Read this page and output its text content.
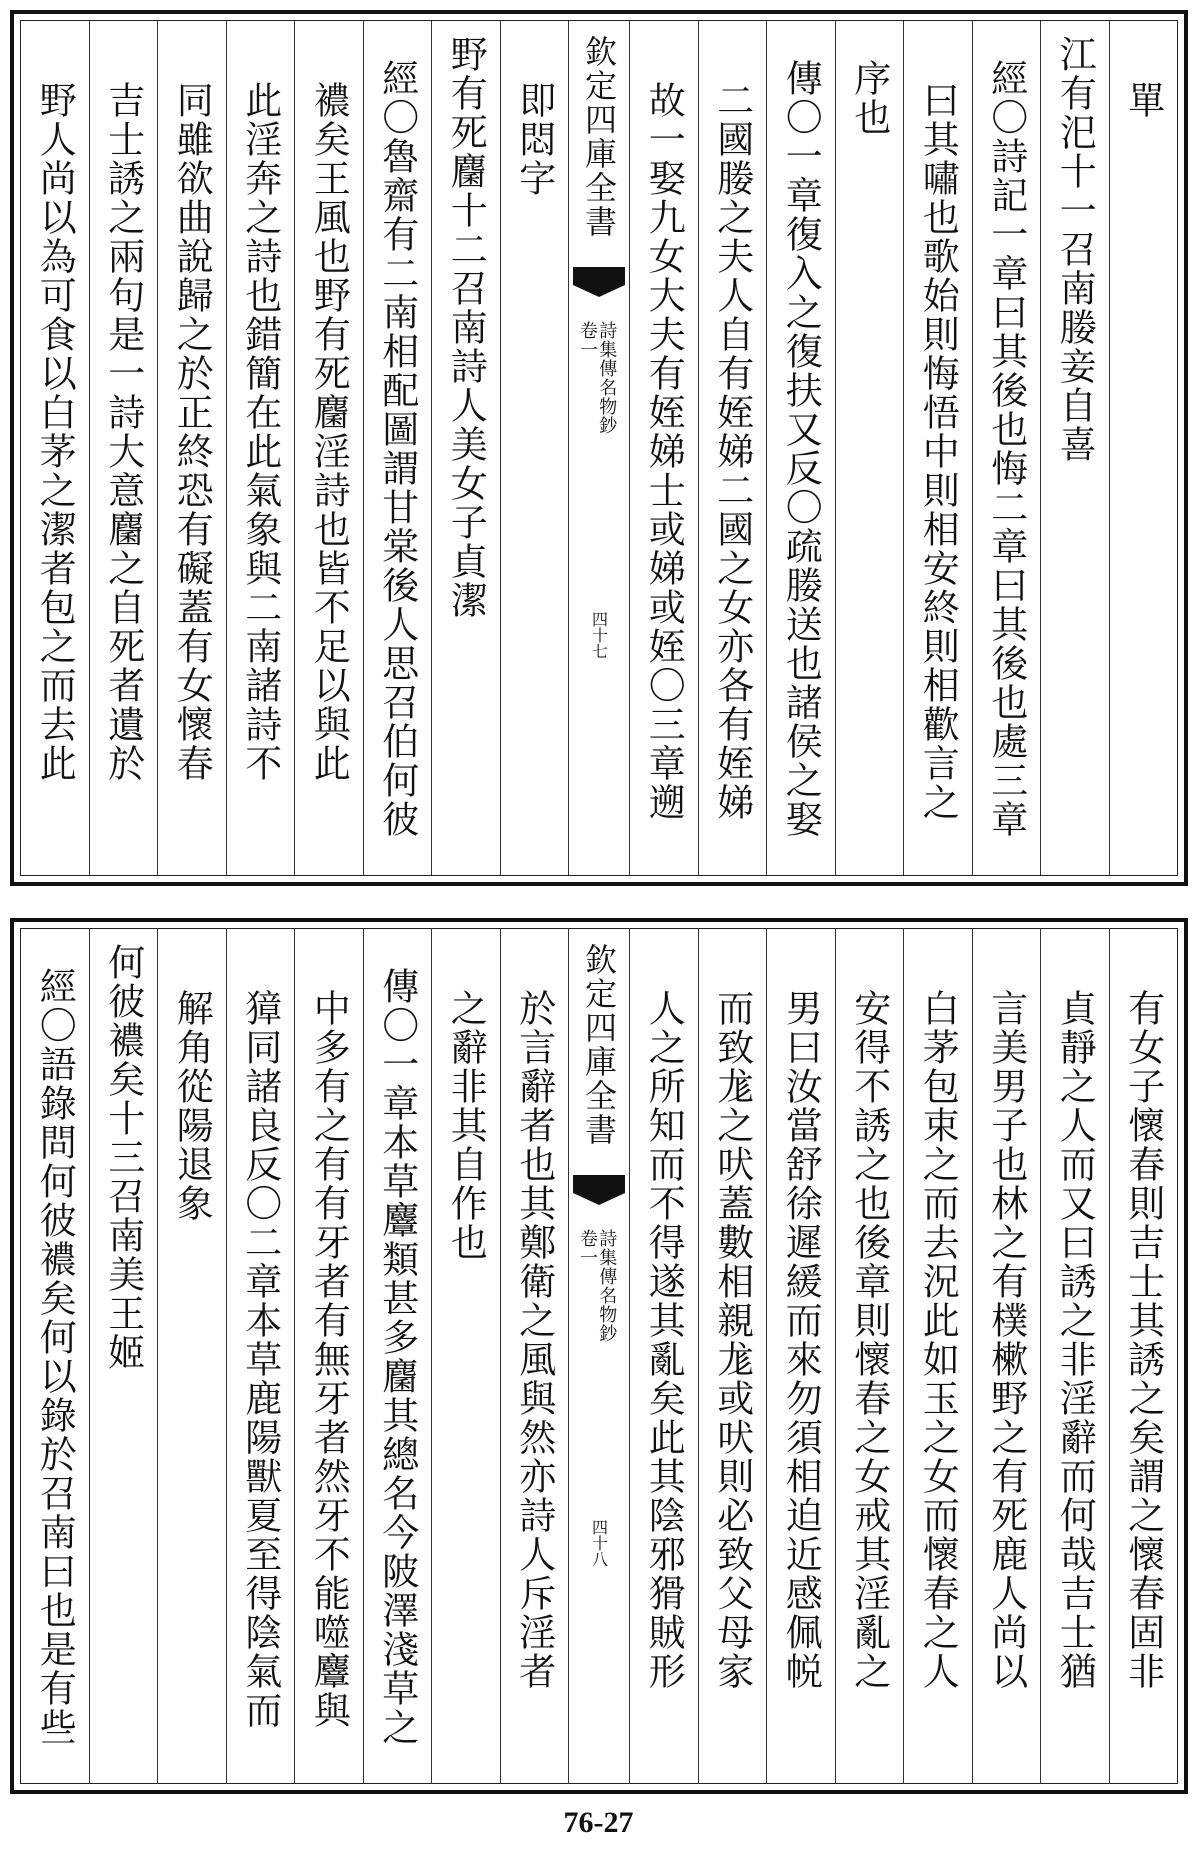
單
江有汜十一召南媵妾自喜
經〇詩記一章曰其後也悔二章曰其後也處三章
曰其嘯也歌始則悔悟中則相安終則相歡言之
序也
傳〇一章復入之復扶又反〇疏媵送也諸侯之娶
二國媵之夫人自有姪娣二國之女亦各有姪娣
故一娶九女大夫有姪娣士或娣或姪〇三章遡
欽定四庫全書
詩集傳名物鈔
卷一
四十七
即悶字
野有死麕十二召南詩人美女子貞潔
經〇魯齋有二南相配圖謂甘棠後人思召伯何彼
襛矣王風也野有死麕淫詩也皆不足以與此
此淫奔之詩也錯簡在此氣象與二南諸詩不
同雖欲曲說歸之於正終恐有礙蓋有女懷春
吉士誘之兩句是一詩大意麕之自死者遺於
野人尚以為可食以白茅之潔者包之而去此
有女子懷春則吉士其誘之矣謂之懷春固非
貞靜之人而又曰誘之非淫辭而何哉吉士猶
言美男子也林之有樸樕野之有死鹿人尚以
白茅包束之而去況此如玉之女而懷春之人
安得不誘之也後章則懷春之女戒其淫亂之
男曰汝當舒徐遲緩而來勿須相迫近感佩帨
而致尨之吠蓋數相親尨或吠則必致父母家
人之所知而不得遂其亂矣此其陰邪猾賊形
欽定四庫全書
詩集傳名物鈔
卷一
四十八
於言辭者也其鄭衛之風與然亦詩人斥淫者
之辭非其自作也
傳〇一章本草麞類甚多麕其總名今陂澤淺草之
中多有之有有牙者有無牙者然牙不能噬麞與
獐同諸良反〇二章本草鹿陽獸夏至得陰氣而
解角從陽退象
何彼襛矣十三召南美王姬
經〇語錄問何彼襛矣何以錄於召南曰也是有些
76-27
